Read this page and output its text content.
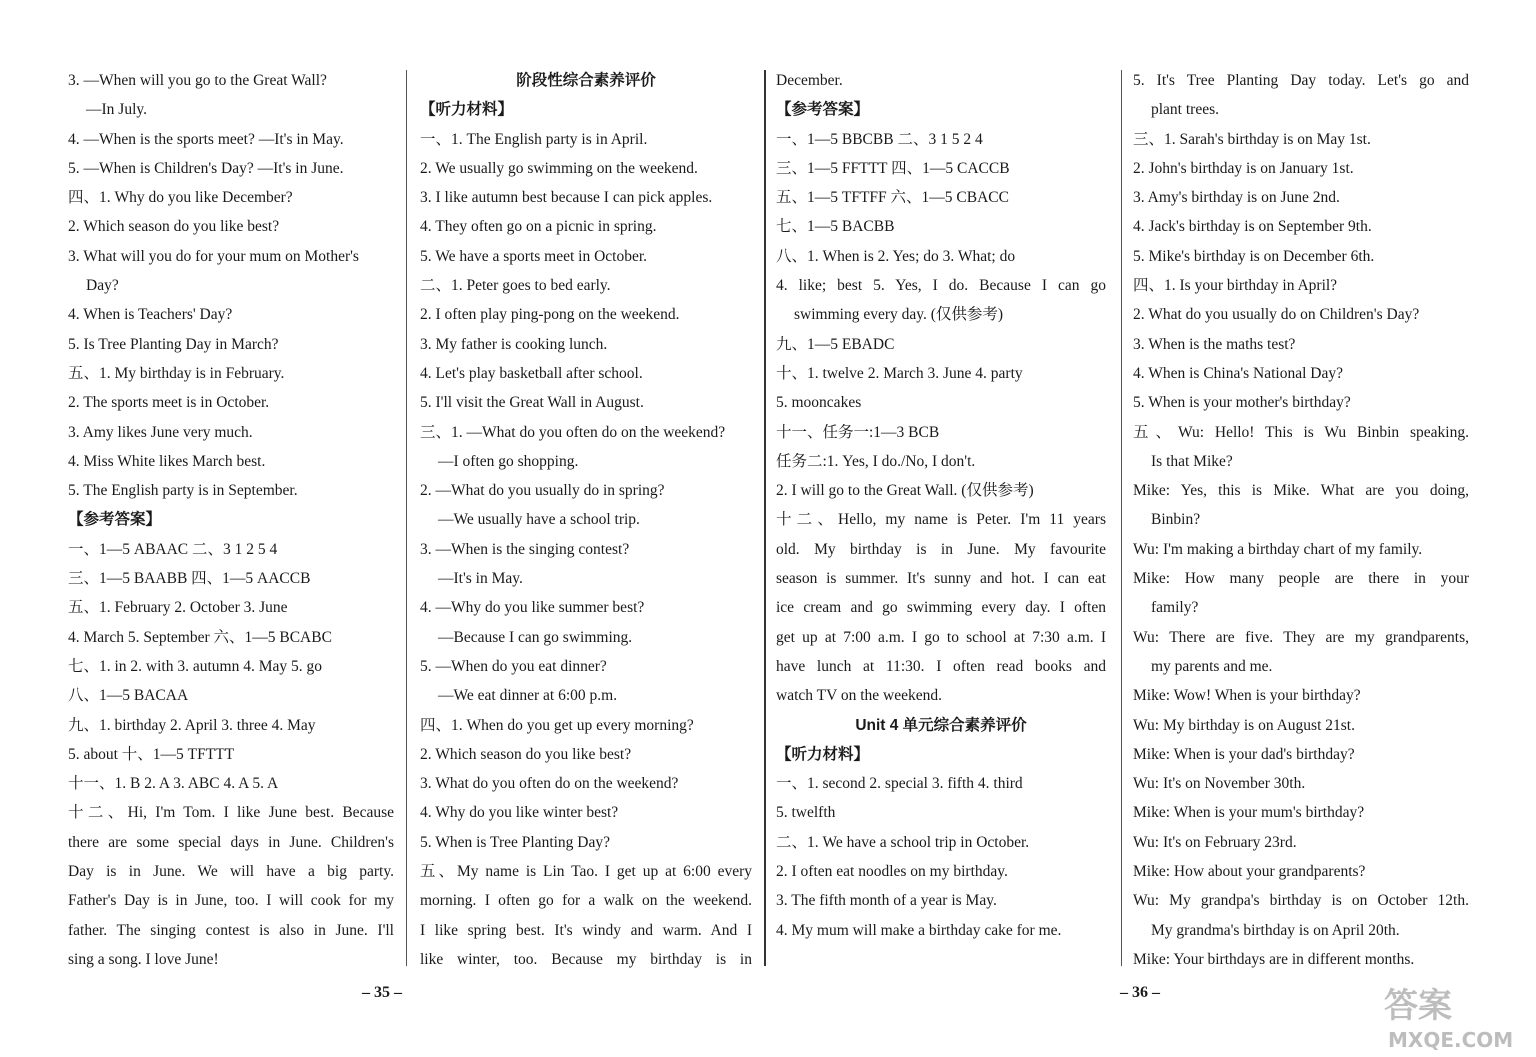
3. —When will you go to the Great Wall?
—In July.
4. —When is the sports meet? —It's in May.
5. —When is Children's Day? —It's in June.
四、1. Why do you like December?
2. Which season do you like best?
3. What will you do for your mum on Mother's
Day?
4. When is Teachers' Day?
5. Is Tree Planting Day in March?
五、1. My birthday is in February.
2. The sports meet is in October.
3. Amy likes June very much.
4. Miss White likes March best.
5. The English party is in September.
【参考答案】
一、1—5 ABAAC 二、3 1 2 5 4
三、1—5 BAABB 四、1—5 AACCB
五、1. February 2. October 3. June
4. March 5. September 六、1—5 BCABC
七、1. in 2. with 3. autumn 4. May 5. go
八、1—5 BACAA
九、1. birthday 2. April 3. three 4. May
5. about 十、1—5 TFTTT
十一、1. B 2. A 3. ABC 4. A 5. A
十二、Hi, I'm Tom. I like June best. Because
there are some special days in June. Children's
Day is in June. We will have a big party.
Father's Day is in June, too. I will cook for my
father. The singing contest is also in June. I'll
sing a song. I love June!
阶段性综合素养评价
【听力材料】
一、1. The English party is in April.
2. We usually go swimming on the weekend.
3. I like autumn best because I can pick apples.
4. They often go on a picnic in spring.
5. We have a sports meet in October.
二、1. Peter goes to bed early.
2. I often play ping-pong on the weekend.
3. My father is cooking lunch.
4. Let's play basketball after school.
5. I'll visit the Great Wall in August.
三、1. —What do you often do on the weekend?
—I often go shopping.
2. —What do you usually do in spring?
—We usually have a school trip.
3. —When is the singing contest?
—It's in May.
4. —Why do you like summer best?
—Because I can go swimming.
5. —When do you eat dinner?
—We eat dinner at 6:00 p.m.
四、1. When do you get up every morning?
2. Which season do you like best?
3. What do you often do on the weekend?
4. Why do you like winter best?
5. When is Tree Planting Day?
五、My name is Lin Tao. I get up at 6:00 every
morning. I often go for a walk on the weekend.
I like spring best. It's windy and warm. And I
like winter, too. Because my birthday is in
December.
【参考答案】
一、1—5 BBCBB 二、3 1 5 2 4
三、1—5 FFTTT 四、1—5 CACCB
五、1—5 TFTFF 六、1—5 CBACC
七、1—5 BACBB
八、1. When is 2. Yes; do 3. What; do
4. like; best 5. Yes, I do. Because I can go
swimming every day. (仅供参考)
九、1—5 EBADC
十、1. twelve 2. March 3. June 4. party
5. mooncakes
十一、任务一:1—3 BCB
任务二:1. Yes, I do./No, I don't.
2. I will go to the Great Wall. (仅供参考)
十二、Hello, my name is Peter. I'm 11 years
old. My birthday is in June. My favourite
season is summer. It's sunny and hot. I can eat
ice cream and go swimming every day. I often
get up at 7:00 a.m. I go to school at 7:30 a.m. I
have lunch at 11:30. I often read books and
watch TV on the weekend.
Unit 4 单元综合素养评价
【听力材料】
一、1. second 2. special 3. fifth 4. third
5. twelfth
二、1. We have a school trip in October.
2. I often eat noodles on my birthday.
3. The fifth month of a year is May.
4. My mum will make a birthday cake for me.
5. It's Tree Planting Day today. Let's go and
plant trees.
三、1. Sarah's birthday is on May 1st.
2. John's birthday is on January 1st.
3. Amy's birthday is on June 2nd.
4. Jack's birthday is on September 9th.
5. Mike's birthday is on December 6th.
四、1. Is your birthday in April?
2. What do you usually do on Children's Day?
3. When is the maths test?
4. When is China's National Day?
5. When is your mother's birthday?
五、Wu: Hello! This is Wu Binbin speaking.
Is that Mike?
Mike: Yes, this is Mike. What are you doing,
Binbin?
Wu: I'm making a birthday chart of my family.
Mike: How many people are there in your
family?
Wu: There are five. They are my grandparents,
my parents and me.
Mike: Wow! When is your birthday?
Wu: My birthday is on August 21st.
Mike: When is your dad's birthday?
Wu: It's on November 30th.
Mike: When is your mum's birthday?
Wu: It's on February 23rd.
Mike: How about your grandparents?
Wu: My grandpa's birthday is on October 12th.
My grandma's birthday is on April 20th.
Mike: Your birthdays are in different months.
– 35 –	– 36 –	答案
MXQE.COM
